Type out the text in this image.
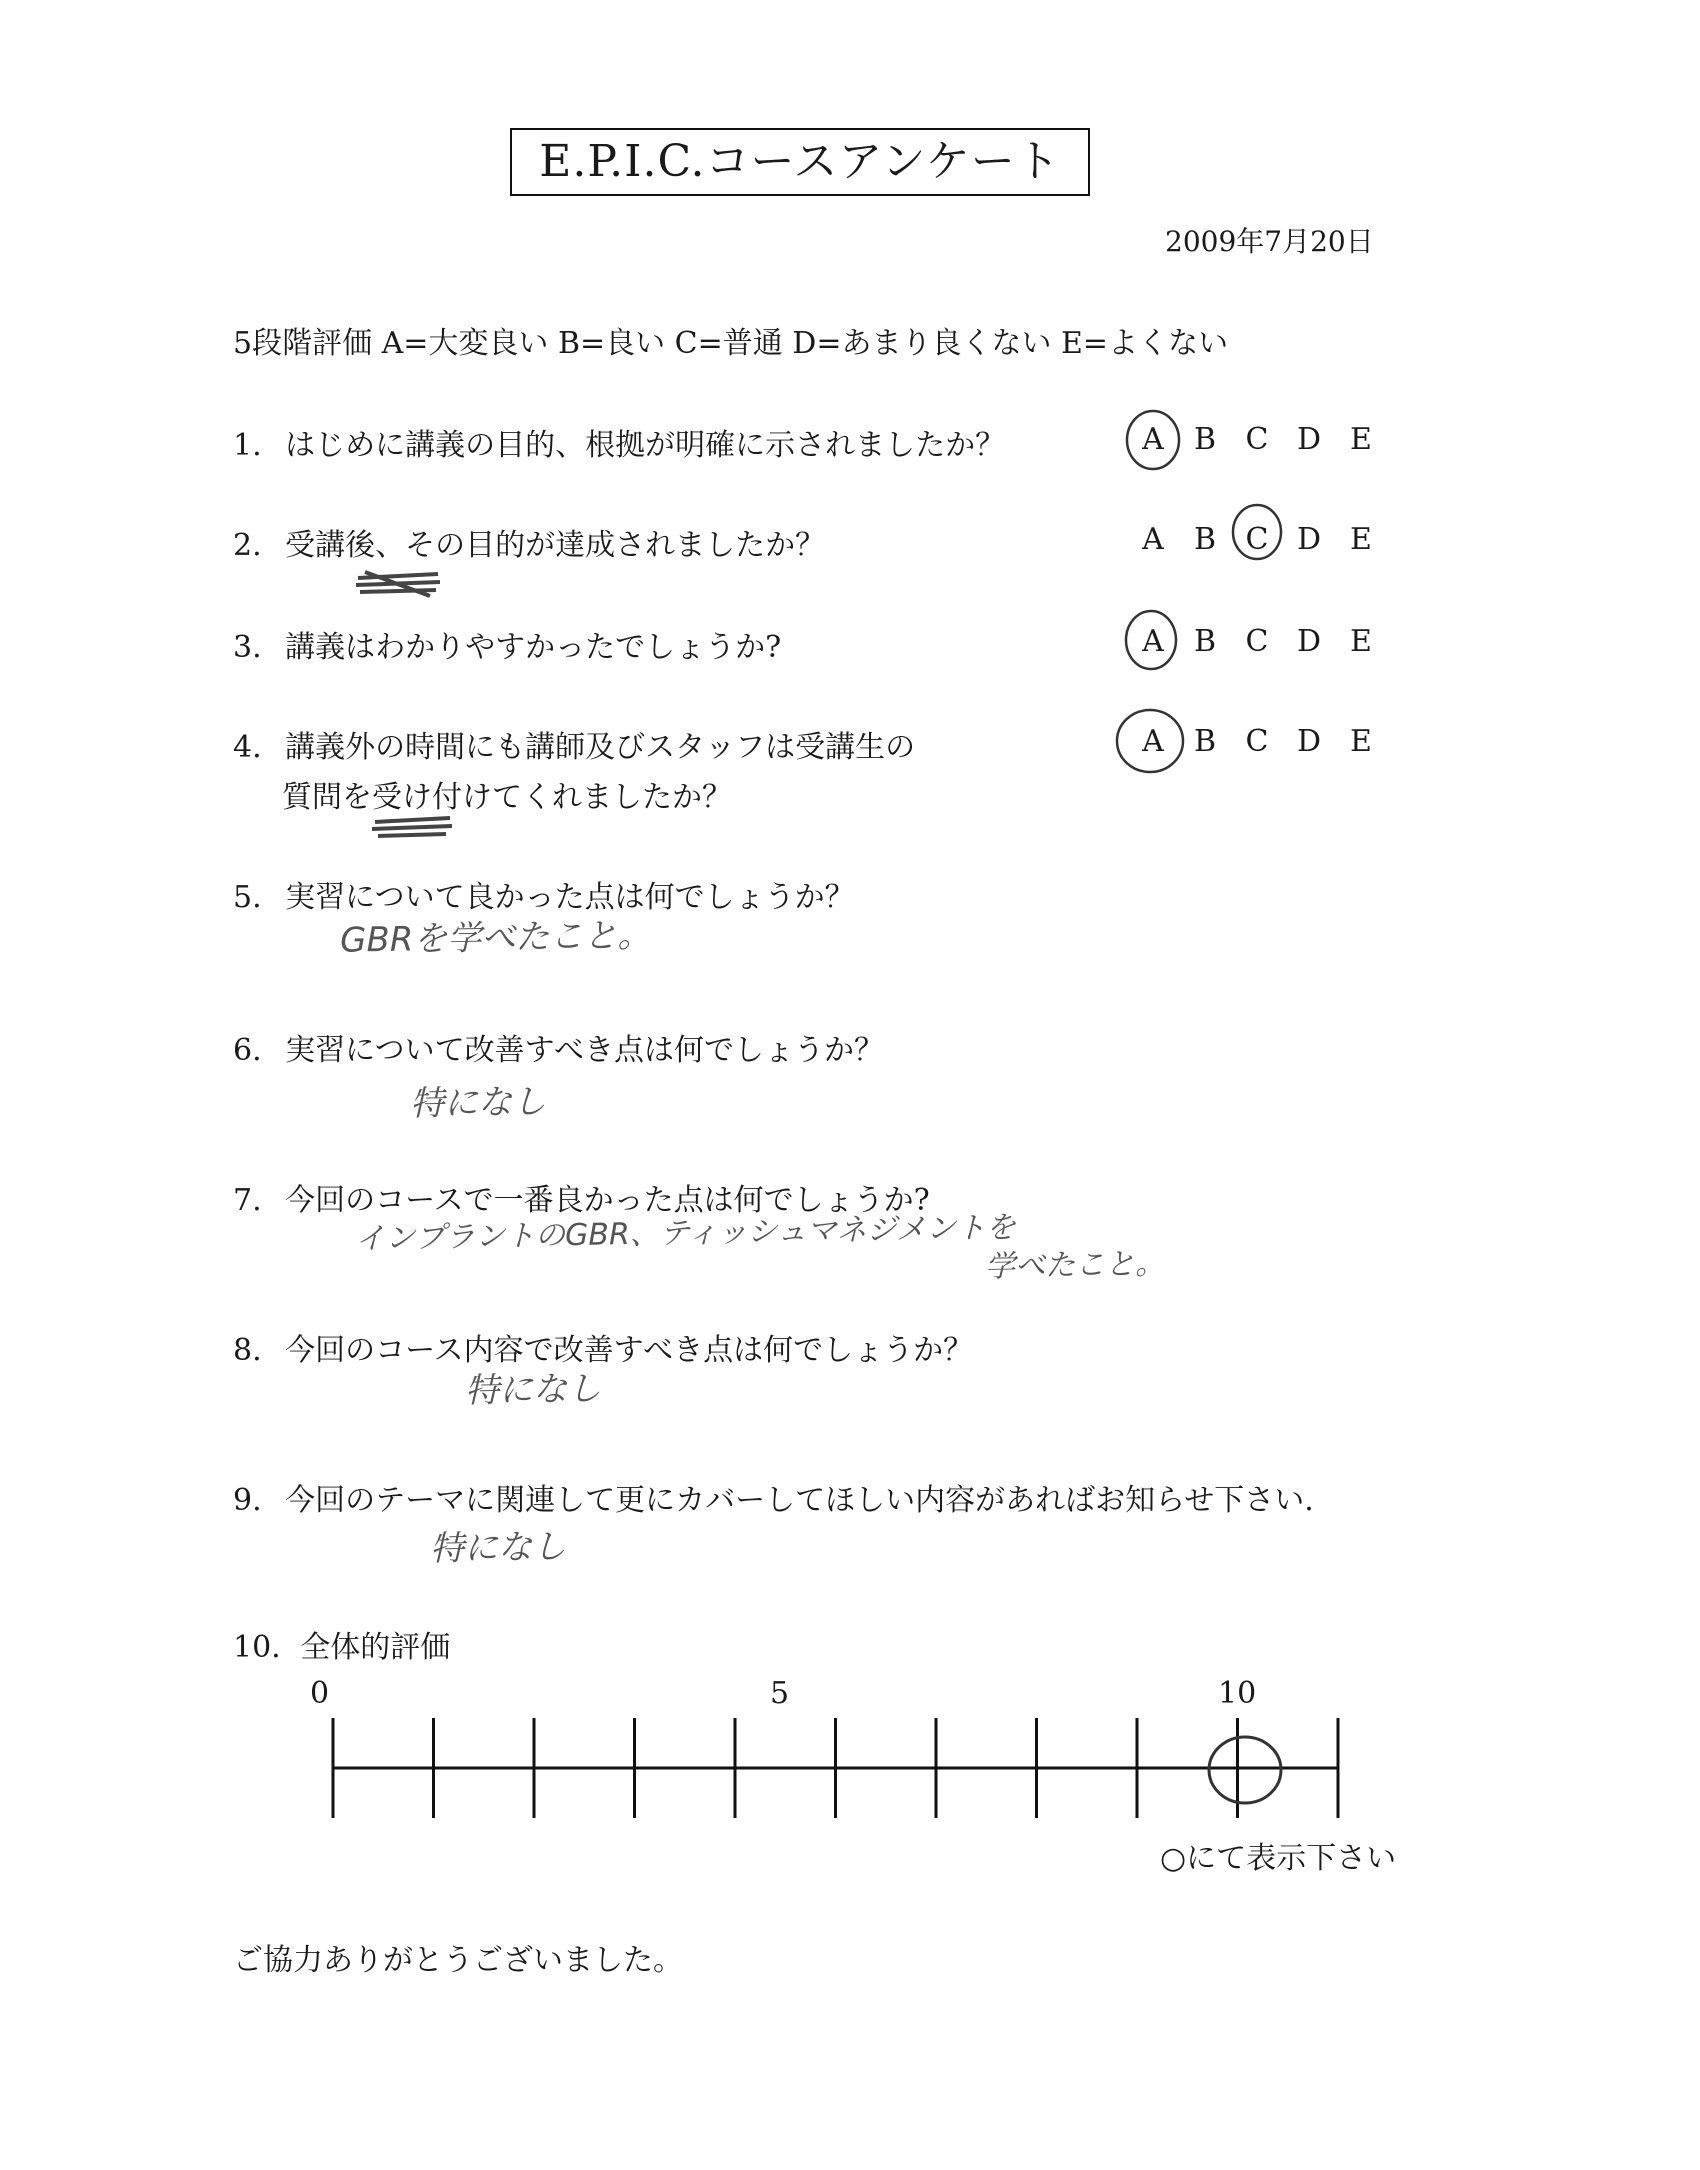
E.P.I.C.コースアンケート
2009年7月20日
5段階評価 A=大変良い B=良い C=普通 D=あまり良くない E=よくない
1. はじめに講義の目的、根拠が明確に示されましたか？	A B C D E
2. 受講後、その目的が達成されましたか？	A B C D E
3. 講義はわかりやすかったでしょうか?	A B C D E
4. 講義外の時間にも講師及びスタッフは受講生の
質問を受け付けてくれましたか？
A B C D E
5. 実習について良かった点は何でしょうか？
GBRを学べたこと。
6. 実習について改善すべき点は何でしょうか？
特になし
7. 今回のコースで一番良かった点は何でしょうか?
インプラントのGBR、ティッシュマネジメントを
学べたこと。
8. 今回のコース内容で改善すべき点は何でしょうか？
特になし
9. 今回のテーマに関連して更にカバーしてほしい内容があればお知らせ下さい.
特になし
10. 全体的評価
0	5	10
○にて表示下さい
ご協力ありがとうございました。
